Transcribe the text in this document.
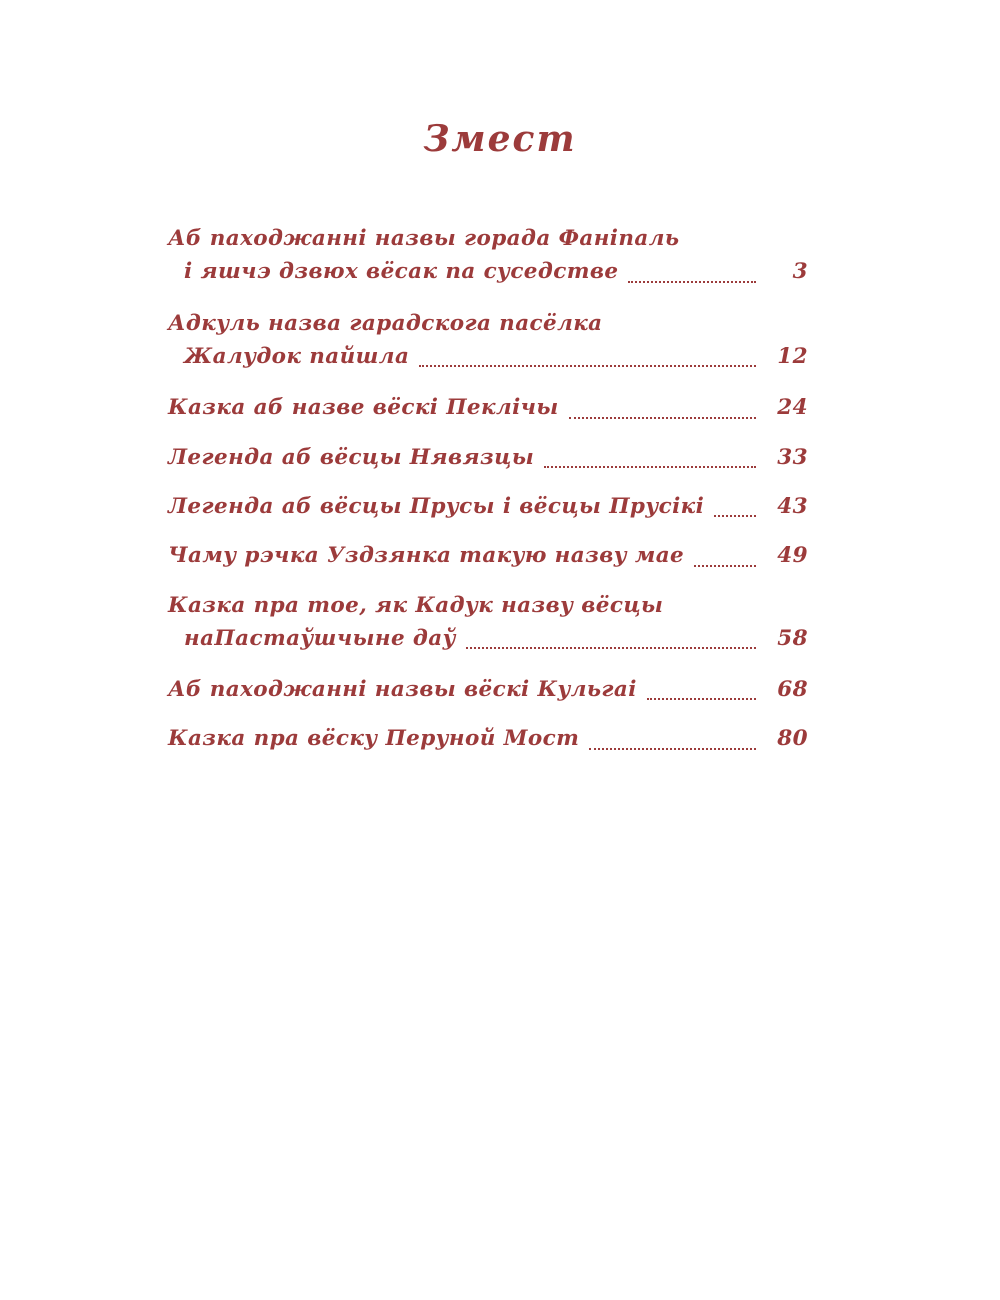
Змест
Аб паходжанні назвы горада Фаніпаль
і яшчэ дзвюх вёсак па суседстве	3
Адкуль назва гарадскога пасёлка
Жалудок пайшла	12
Казка аб назве вёскі Пеклічы	24
Легенда аб вёсцы Нявязцы	33
Легенда аб вёсцы Прусы і вёсцы Прусікі	43
Чаму рэчка Уздзянка такую назву мае	49
Казка пра тое, як Кадук назву вёсцы
наПастаўшчыне даў	58
Аб паходжанні назвы вёскі Кульгаі	68
Казка пра вёску Перуной Мост	80
